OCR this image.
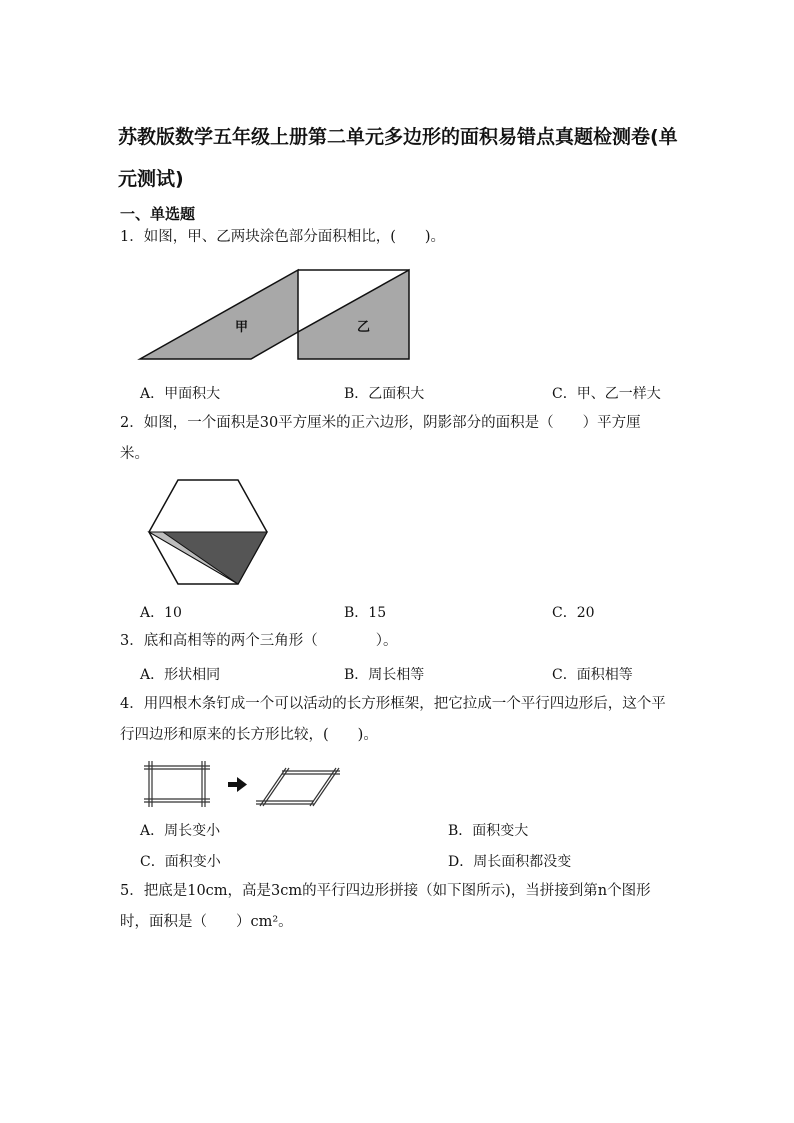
苏教版数学五年级上册第二单元多边形的面积易错点真题检测卷(单
元测试)
一、单选题
1．如图，甲、乙两块涂色部分面积相比，(　　)。
甲	乙
A．甲面积大	B．乙面积大	C．甲、乙一样大
2．如图，一个面积是30平方厘米的正六边形，阴影部分的面积是（　　）平方厘
米。
A．10	B．15	C．20
3．底和高相等的两个三角形（　　　　）。
A．形状相同	B．周长相等	C．面积相等
4．用四根木条钉成一个可以活动的长方形框架，把它拉成一个平行四边形后，这个平
行四边形和原来的长方形比较，(　　)。
A．周长变小	B．面积变大
C．面积变小	D．周长面积都没变
5．把底是10cm，高是3cm的平行四边形拼接（如下图所示)，当拼接到第n个图形
时，面积是（　　）cm²。
